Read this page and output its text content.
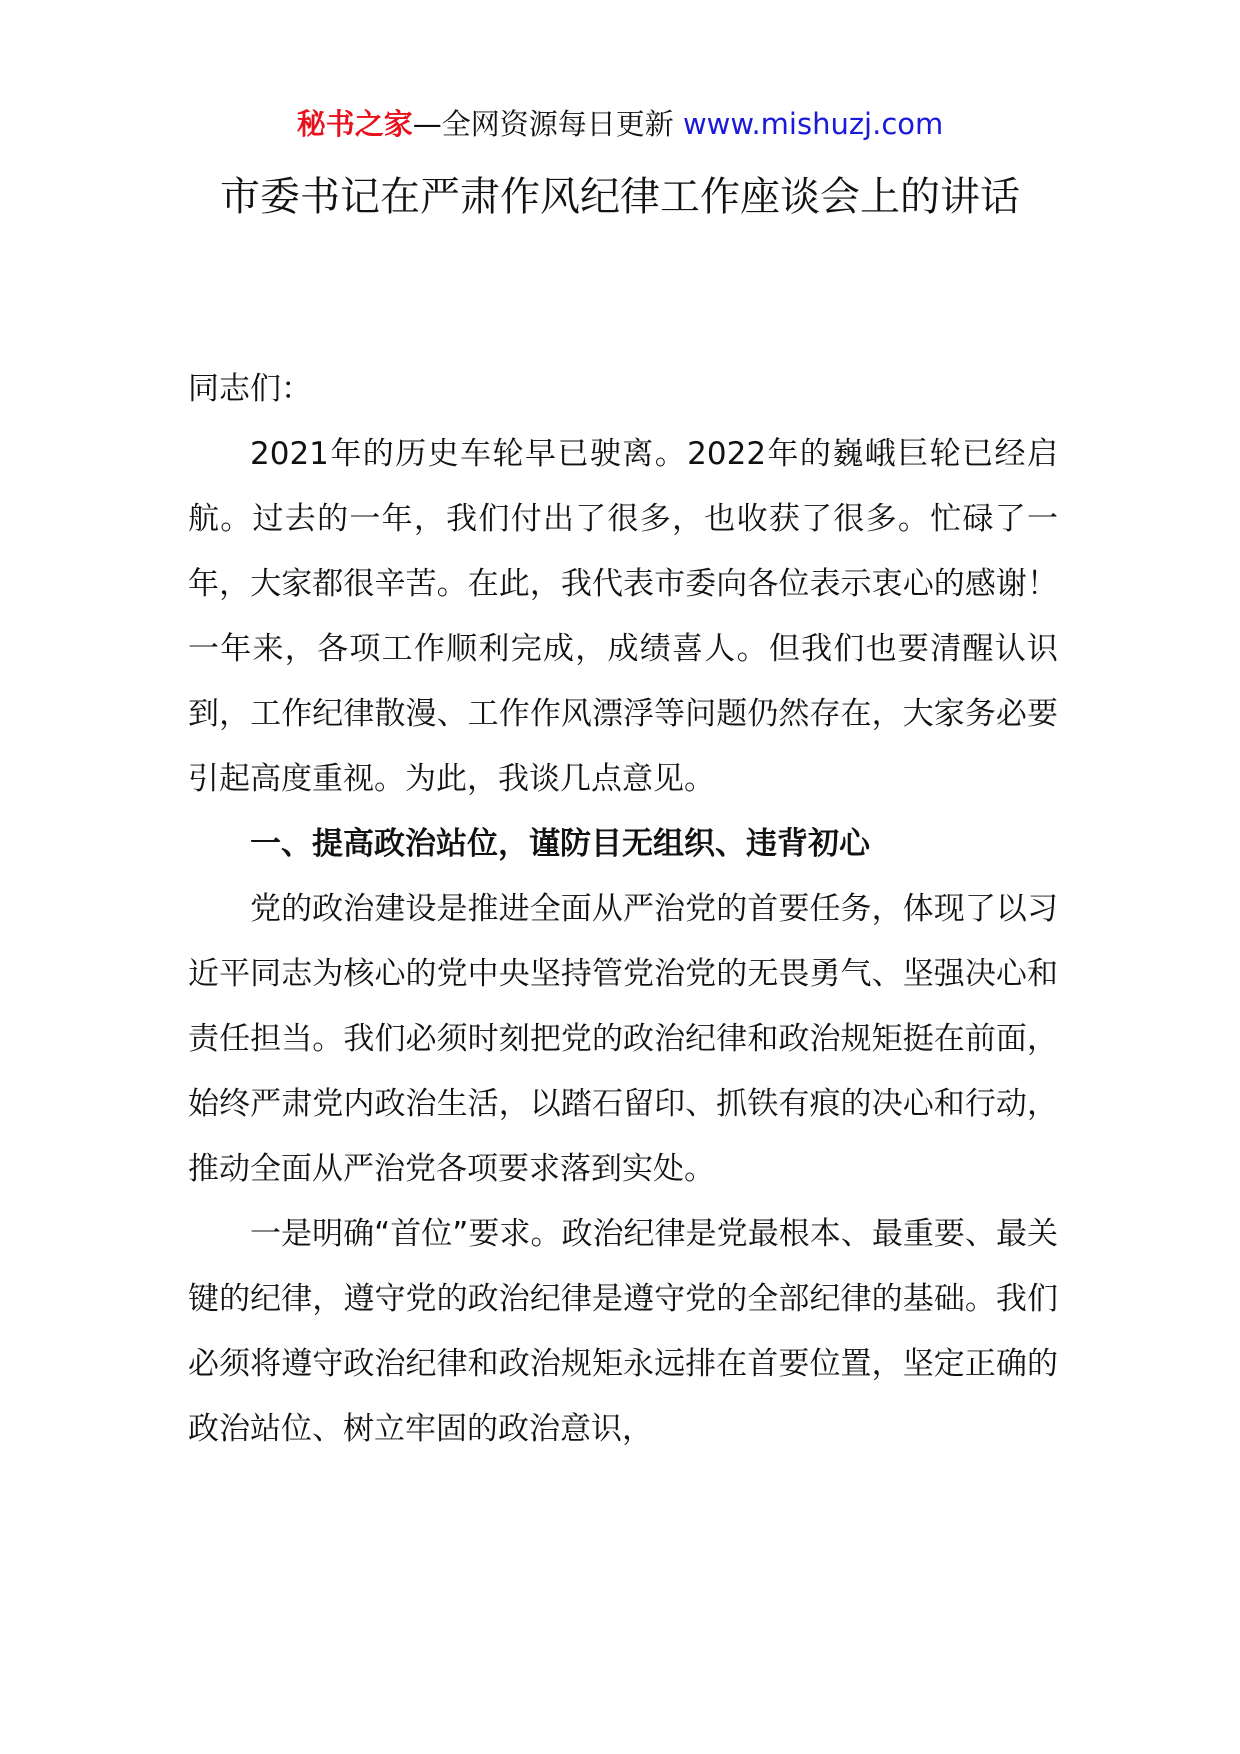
秘书之家—全网资源每日更新 www.mishuzj.com
市委书记在严肃作风纪律工作座谈会上的讲话

同志们：

2021年的历史车轮早已驶离。2022年的巍峨巨轮已经启航。过去的一年，我们付出了很多，也收获了很多。忙碌了一年，大家都很辛苦。在此，我代表市委向各位表示衷心的感谢！一年来，各项工作顺利完成，成绩喜人。但我们也要清醒认识到，工作纪律散漫、工作作风漂浮等问题仍然存在，大家务必要引起高度重视。为此，我谈几点意见。

一、提高政治站位，谨防目无组织、违背初心

党的政治建设是推进全面从严治党的首要任务，体现了以习近平同志为核心的党中央坚持管党治党的无畏勇气、坚强决心和责任担当。我们必须时刻把党的政治纪律和政治规矩挺在前面，始终严肃党内政治生活，以踏石留印、抓铁有痕的决心和行动，推动全面从严治党各项要求落到实处。

一是明确“首位”要求。政治纪律是党最根本、最重要、最关键的纪律，遵守党的政治纪律是遵守党的全部纪律的基础。我们必须将遵守政治纪律和政治规矩永远排在首要位置，坚定正确的政治站位、树立牢固的政治意识，
